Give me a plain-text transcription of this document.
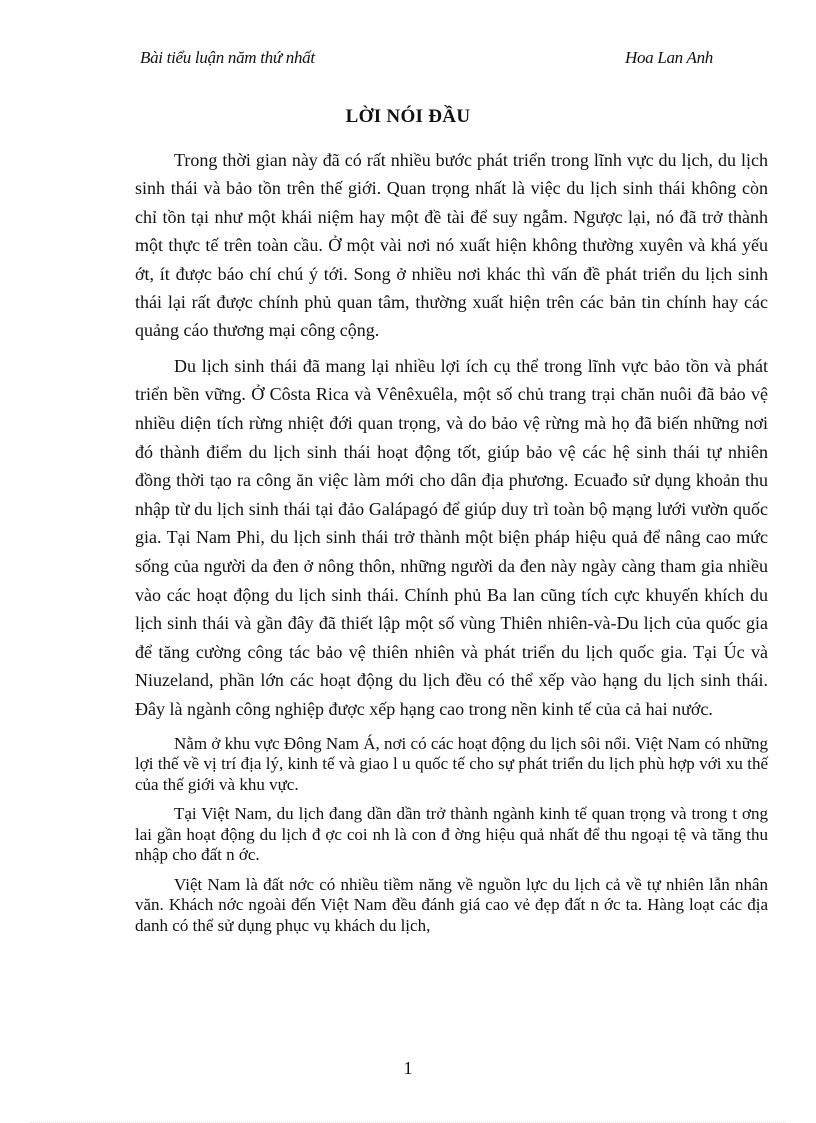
Bài tiểu luận năm thứ nhất	Hoa Lan Anh
LỜI NÓI ĐẦU

Trong thời gian này đã có rất nhiều bước phát triển trong lĩnh vực du lịch, du lịch sinh thái và bảo tồn trên thế giới. Quan trọng nhất là việc du lịch sinh thái không còn chỉ tồn tại như một khái niệm hay một đề tài để suy ngẫm. Ngược lại, nó đã trở thành một thực tế trên toàn cầu. Ở một vài nơi nó xuất hiện không thường xuyên và khá yếu ớt, ít được báo chí chú ý tới. Song ở nhiều nơi khác thì vấn đề phát triển du lịch sinh thái lại rất được chính phủ quan tâm, thường xuất hiện trên các bản tin chính hay các quảng cáo thương mại công cộng.

Du lịch sinh thái đã mang lại nhiều lợi ích cụ thể trong lĩnh vực bảo tồn và phát triển bền vững. Ở Côsta Rica và Vênêxuêla, một số chủ trang trại chăn nuôi đã bảo vệ nhiều diện tích rừng nhiệt đới quan trọng, và do bảo vệ rừng mà họ đã biến những nơi đó thành điểm du lịch sinh thái hoạt động tốt, giúp bảo vệ các hệ sinh thái tự nhiên đồng thời tạo ra công ăn việc làm mới cho dân địa phương. Ecuađo sử dụng khoản thu nhập từ du lịch sinh thái tại đảo Galápagó để giúp duy trì toàn bộ mạng lưới vườn quốc gia. Tại Nam Phi, du lịch sinh thái trở thành một biện pháp hiệu quả để nâng cao mức sống của người da đen ở nông thôn, những người da đen này ngày càng tham gia nhiều vào các hoạt động du lịch sinh thái. Chính phủ Ba lan cũng tích cực khuyến khích du lịch sinh thái và gần đây đã thiết lập một số vùng Thiên nhiên-và-Du lịch của quốc gia để tăng cường công tác bảo vệ thiên nhiên và phát triển du lịch quốc gia. Tại Úc và Niuzeland, phần lớn các hoạt động du lịch đều có thể xếp vào hạng du lịch sinh thái. Đây là ngành công nghiệp được xếp hạng cao trong nền kinh tế của cả hai nước.

Nằm ở khu vực Đông Nam Á, nơi có các hoạt động du lịch sôi nổi. Việt Nam có những lợi thế về vị trí địa lý, kinh tế và giao l u quốc tế cho sự phát triển du lịch phù hợp với xu thế của thế giới và khu vực.

Tại Việt Nam, du lịch đang dần dần trở thành ngành kinh tế quan trọng và trong t ơng lai gần hoạt động du lịch đ ợc coi nh là con đ ờng hiệu quả nhất để thu ngoại tệ và tăng thu nhập cho đất n ớc.

Việt Nam là đất nớc có nhiều tiềm năng về nguồn lực du lịch cả về tự nhiên lẫn nhân văn. Khách nớc ngoài đến Việt Nam đều đánh giá cao vẻ đẹp đất n ớc ta. Hàng loạt các địa danh có thể sử dụng phục vụ khách du lịch,

1
